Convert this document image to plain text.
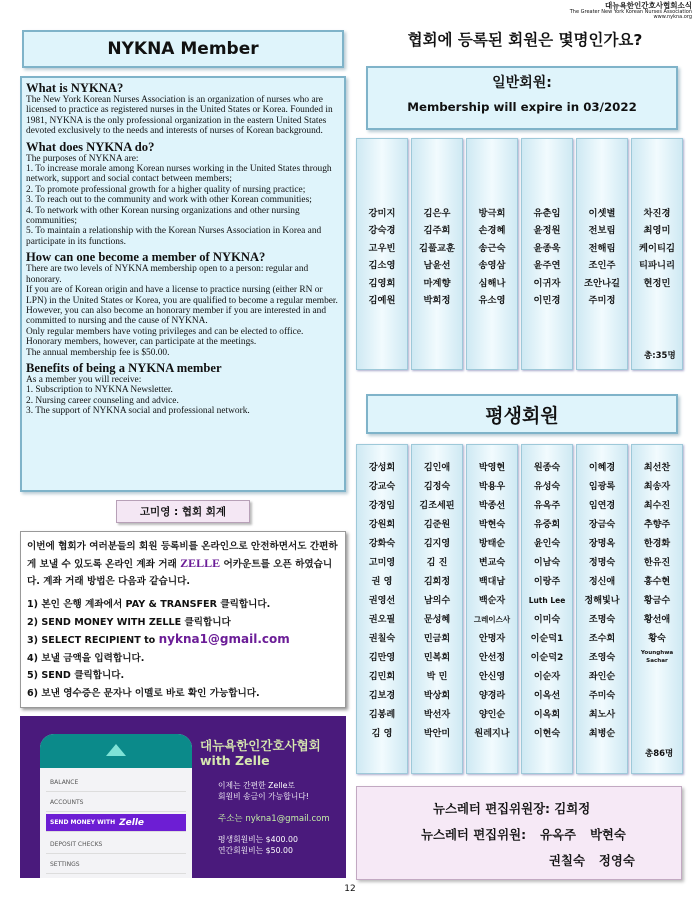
대뉴욕한인간호사협회소식
The Greater New York Korean Nurses Association
www.nykna.org
NYKNA Member
What is NYKNA?

The New York Korean Nurses Association is an organization of nurses who are licensed to practice as registered nurses in the United States or Korea. Founded in 1981, NYKNA is the only professional organization in the eastern United States devoted exclusively to the needs and interests of nurses of Korean background.

What does NYKNA do?

The purposes of NYKNA are:

1. To increase morale among Korean nurses working in the United States through network, support and social contact between members;

2. To promote professional growth for a higher quality of nursing practice;

3. To reach out to the community and work with other Korean communities;

4. To network with other Korean nursing organizations and other nursing communities;

5. To maintain a relationship with the Korean Nurses Association in Korea and participate in its functions.

How can one become a member of NYKNA?

There are two levels of NYKNA membership open to a person: regular and honorary.

If you are of Korean origin and have a license to practice nursing (either RN or LPN) in the United States or Korea, you are qualified to become a regular member.

However, you can also become an honorary member if you are interested in and committed to nursing and the cause of NYKNA.

Only regular members have voting privileges and can be elected to office. Honorary members, however, can participate at the meetings.

The annual membership fee is $50.00.

Benefits of being a NYKNA member

As a member you will receive:

1. Subscription to NYKNA Newsletter.

2. Nursing career counseling and advice.

3. The support of NYKNA social and professional network.

고미영 : 협회 회계
이번에 협회가 여러분들의 회원 등록비를 온라인으로 안전하면서도 간편하게 보낼 수 있도록 온라인 계좌 거래 ZELLE 어카운트를 오픈 하였습니다. 계좌 거래 방법은 다음과 같습니다.
1) 본인 은행 계좌에서 PAY & TRANSFER 클릭합니다.
2) SEND MONEY WITH ZELLE 클릭합니다
3) SELECT RECIPIENT to nykna1@gmail.com
4) 보낼 금액을 입력합니다.
5) SEND 클릭합니다.
6) 보낸 영수증은 문자나 이멜로 바로 확인 가능합니다.
BALANCE
ACCOUNTS
SEND MONEY WITH Zelle
DEPOSIT CHECKS
SETTINGS
대뉴욕한인간호사협회
with Zelle
이제는 간편한 Zelle로
회원비 송금이 가능합니다!
주소는 nykna1@gmail.com
평생회원비는 $400.00
연간회원비는 $50.00
협회에 등록된 회원은 몇명인가요?
일반회원:
Membership will expire in 03/2022
강미지
강숙경
고우빈
김소영
김영희
김예원
김은우
김주희
김풀교훈
남윤선
마계향
박희정
방극희
손경혜
송근숙
송영삼
심해나
유소영
유춘임
윤정원
윤종욱
윤주연
이귀자
이민경
이셋별
전보림
전해림
조인주
조안나길
주미정
차진경
최영미
케이티김
티파니리
현정민
총:35명
평생회원
강성희
강교숙
강정임
강원희
강화숙
고미영
권 영
권영선
권오필
권칠숙
김만영
김민희
김보경
김봉례
김 영
김인애
김정숙
김조세핀
김준원
김지영
김 진
김희정
남의수
문성혜
민금희
민복희
박 민
박상희
박선자
박안미
박영현
박용우
박종선
박현숙
방태순
변교숙
백대남
백순자
그레이스사
안명자
안선정
안신영
양경라
양인순
원레지나
원종숙
유성숙
유옥주
유중희
윤인숙
이남숙
이랑주
Luth Lee
이미숙
이순덕1
이순덕2
이순자
이옥선
이옥희
이현숙
이혜경
임광록
임연경
장금숙
장명옥
정명숙
정신애
정해빛나
조명숙
조수희
조영숙
좌인순
주미숙
최노사
최병순
최선찬
최송자
최수진
추향주
한경화
한유진
홍수현
황금수
황선애
황숙
Younghwa Sachar
총86명
뉴스레터 편집위원장: 김희정
뉴스레터 편집위원: 유옥주 박현숙
권칠숙 정영숙
12
